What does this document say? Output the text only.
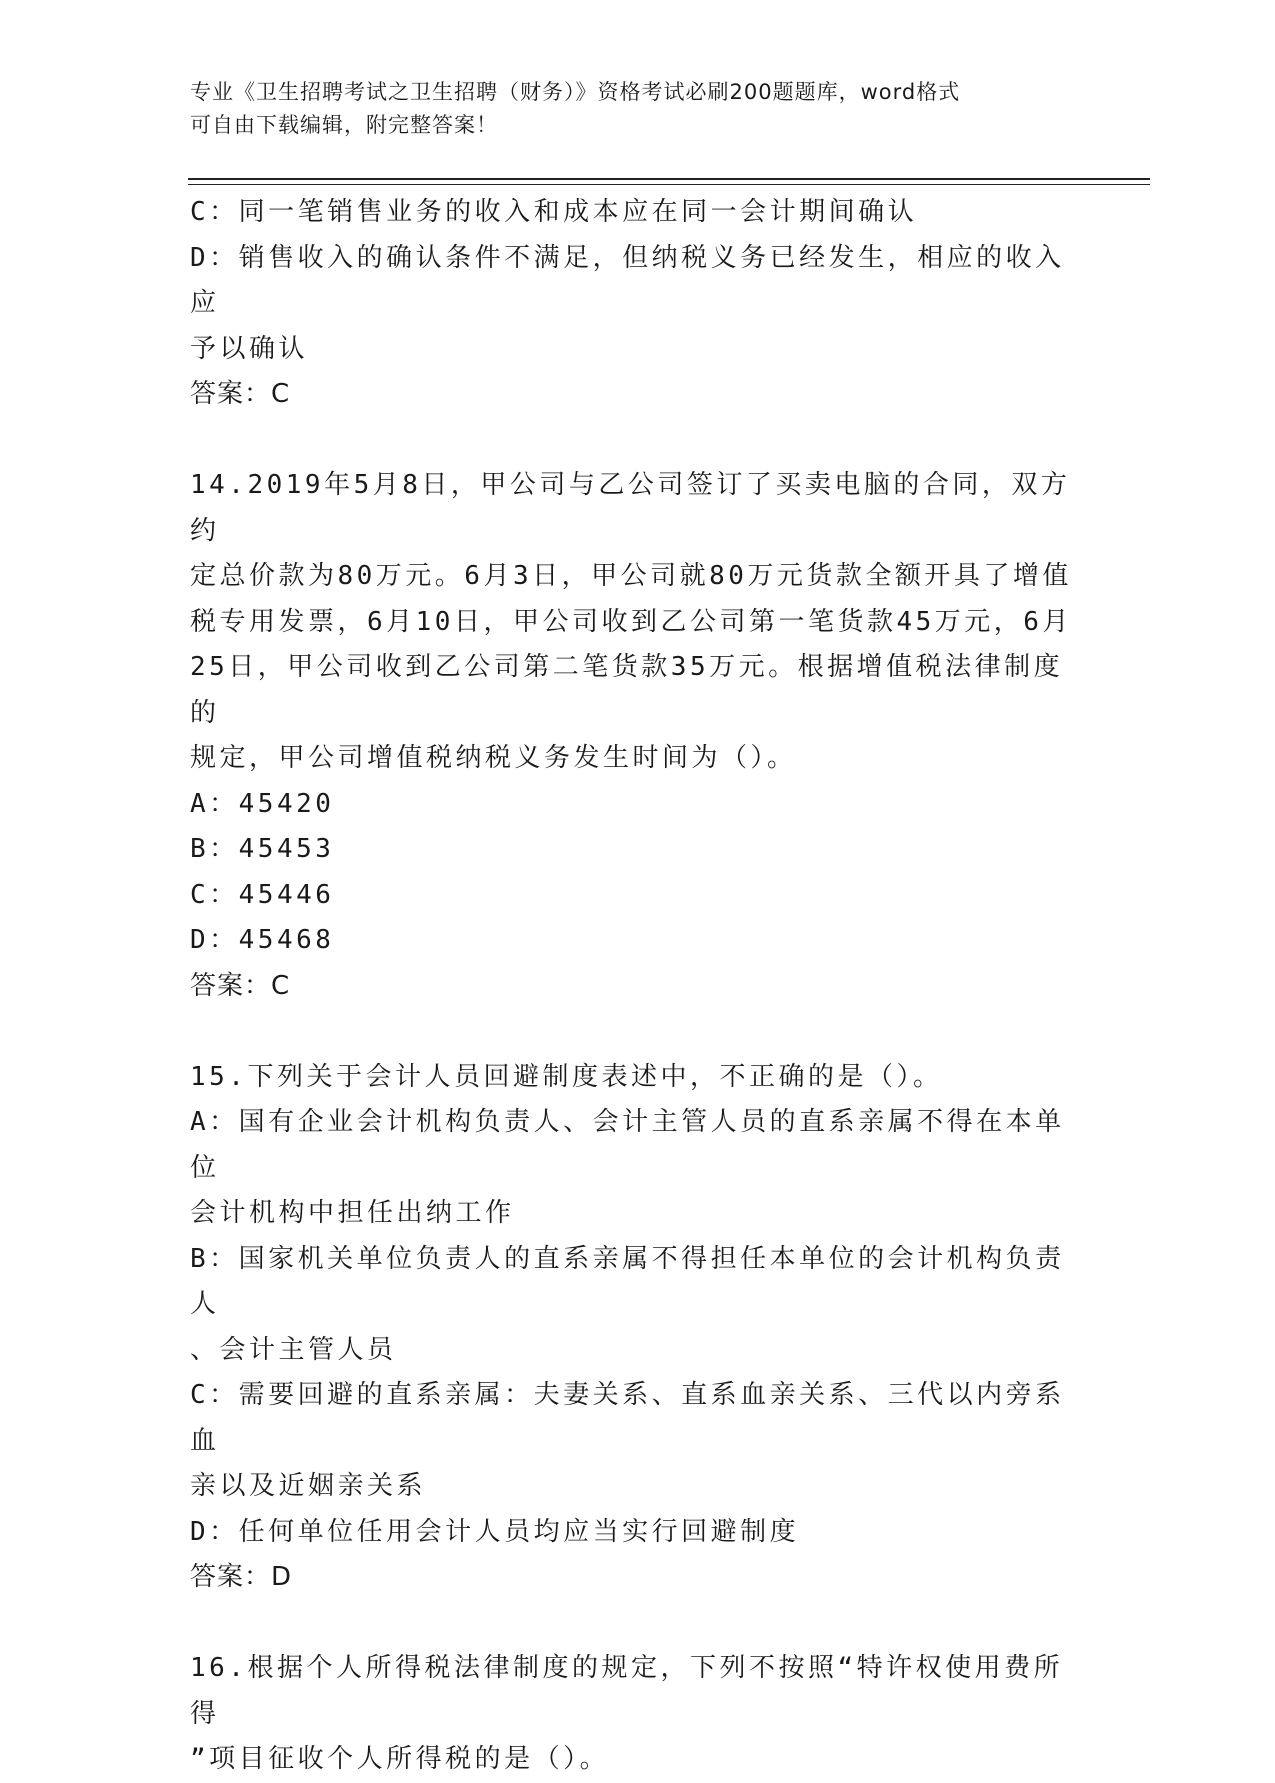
专业《卫生招聘考试之卫生招聘（财务）》资格考试必刷200题题库，word格式
可自由下载编辑，附完整答案！

C：同一笔销售业务的收入和成本应在同一会计期间确认

D：销售收入的确认条件不满足，但纳税义务已经发生，相应的收入应

予以确认

答案：C

14.2019年5月8日，甲公司与乙公司签订了买卖电脑的合同，双方约

定总价款为80万元。6月3日，甲公司就80万元货款全额开具了增值

税专用发票，6月10日，甲公司收到乙公司第一笔货款45万元，6月

25日，甲公司收到乙公司第二笔货款35万元。根据增值税法律制度的

规定，甲公司增值税纳税义务发生时间为（）。

A：45420

B：45453

C：45446

D：45468

答案：C

15.下列关于会计人员回避制度表述中，不正确的是（）。

A：国有企业会计机构负责人、会计主管人员的直系亲属不得在本单位

会计机构中担任出纳工作

B：国家机关单位负责人的直系亲属不得担任本单位的会计机构负责人

、会计主管人员

C：需要回避的直系亲属：夫妻关系、直系血亲关系、三代以内旁系血

亲以及近姻亲关系

D：任何单位任用会计人员均应当实行回避制度

答案：D

16.根据个人所得税法律制度的规定，下列不按照“特许权使用费所得

”项目征收个人所得税的是（）。
